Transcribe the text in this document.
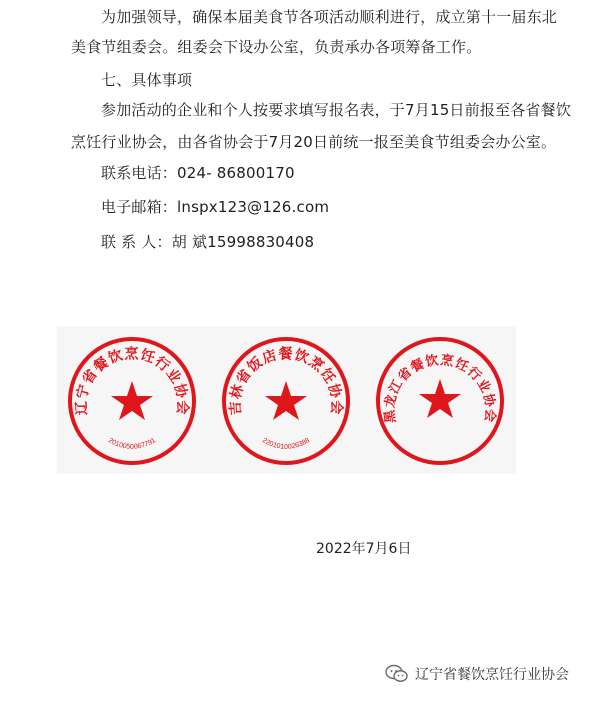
为加强领导，确保本届美食节各项活动顺利进行，成立第十一届东北
美食节组委会。组委会下设办公室，负责承办各项筹备工作。
七、具体事项
参加活动的企业和个人按要求填写报名表，于7月15日前报至各省餐饮
烹饪行业协会，由各省协会于7月20日前统一报至美食节组委会办公室。
联系电话：024- 86800170
电子邮箱：lnspx123@126.com
联 系 人：胡 斌15998830408
辽宁省餐饮烹饪行业协会
2010050067791
吉林省饭店餐饮烹饪协会
2201010026388
黑龙江省餐饮烹饪行业协会
2022年7月6日
辽宁省餐饮烹饪行业协会
